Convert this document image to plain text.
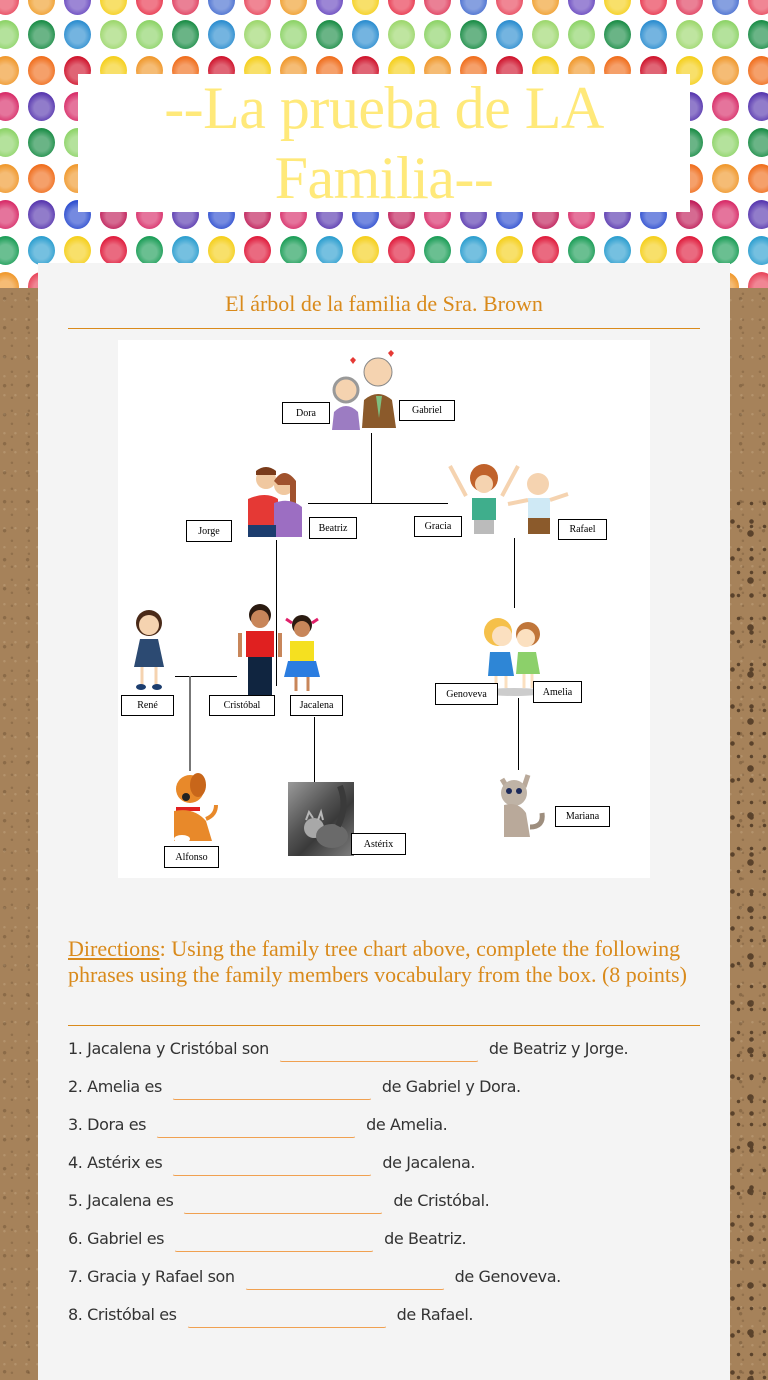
--La prueba de LA Familia--
El árbol de la familia de Sra. Brown
Dora	Gabriel
Jorge	Beatriz	Gracia	Rafael
René	Cristóbal	Jacalena
Genoveva	Amelia
Alfonso
Astérix
Mariana
Directions: Using the family tree chart above, complete the following phrases using the family members vocabulary from the box. (8 points)
1. Jacalena y Cristóbal son	de Beatriz y Jorge.
2. Amelia es	de Gabriel y Dora.
3. Dora es	de Amelia.
4. Astérix es	de Jacalena.
5. Jacalena es	de Cristóbal.
6. Gabriel es	de Beatriz.
7. Gracia y Rafael son	de Genoveva.
8. Cristóbal es	de Rafael.
